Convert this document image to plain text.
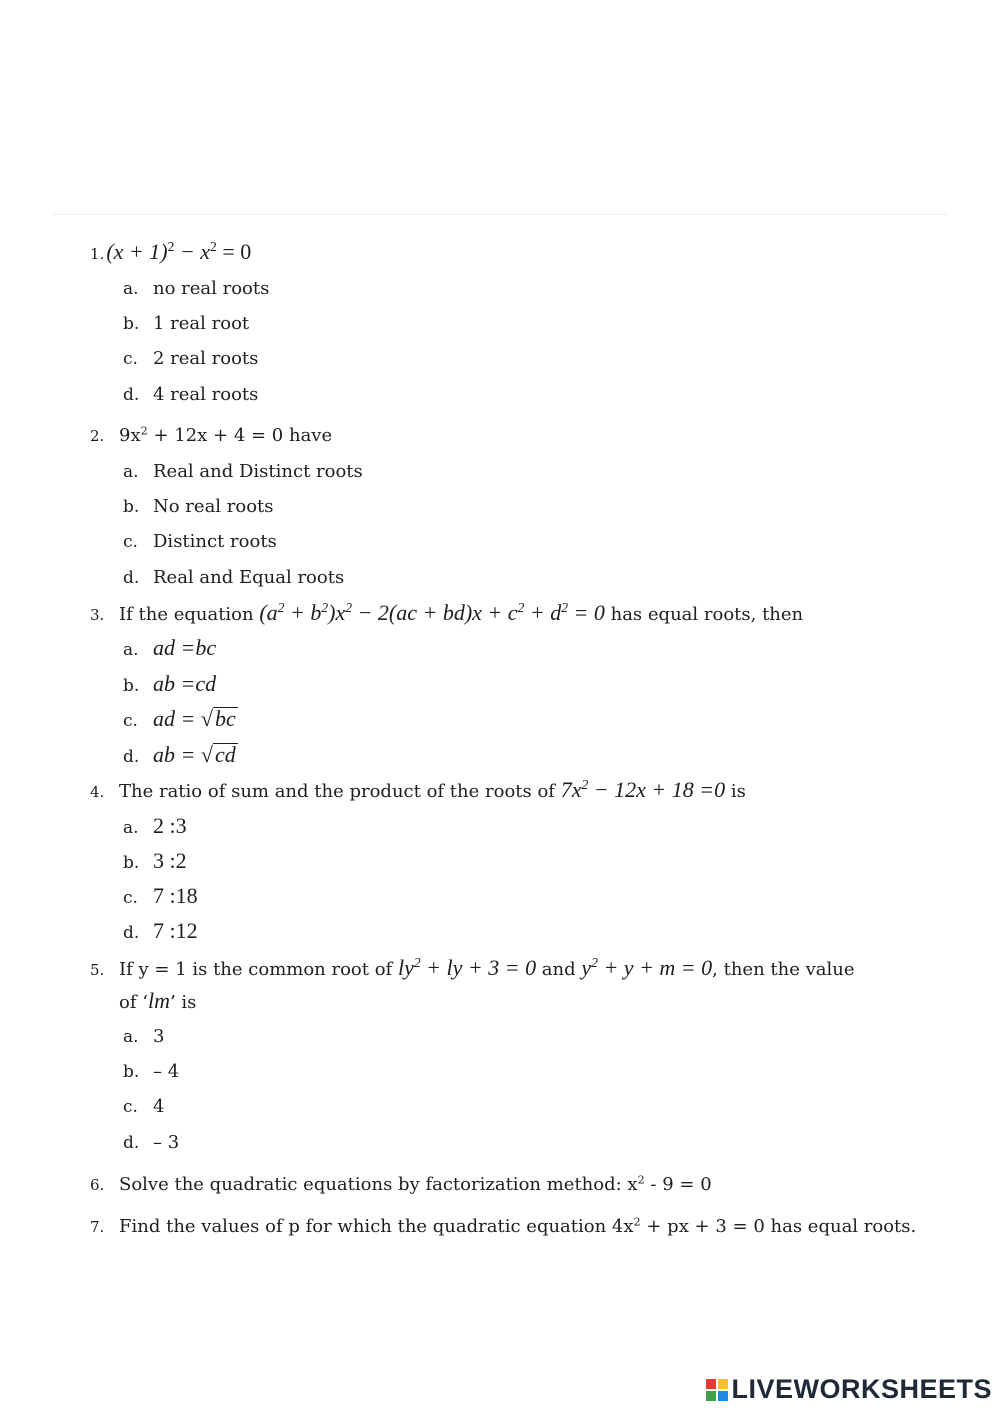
$1.(x + 1)^2 - x^2 = 0$
a. no real roots
b. 1 real root
c. 2 real roots
d. 4 real roots
2. $9x^2 + 12x + 4 = 0$ have
a. Real and Distinct roots
b. No real roots
c. Distinct roots
d. Real and Equal roots
3. If the equation $(a^2 + b^2)x^2 - 2(ac + bd)x + c^2 + d^2 = 0$ has equal roots, then
a. ad =bc
b. ab =cd
c. ad = √bc
d. ab = √cd
4. The ratio of sum and the product of the roots of $7x^2 - 12x + 18 =0$ is
a. 2 :3
b. 3 :2
c. 7 :18
d. 7 :12
5. If y = 1 is the common root of $ly^2$ + ly + 3 = 0 and $y^2 + y + m = 0$, then the value
of ‘lm’ is
a. 3
b. – 4
c. 4
d. – 3
6. Solve the quadratic equations by factorization method: $x^2 - 9 = 0$
7. Find the values of p for which the quadratic equation $4x^2$ + px + 3 = 0 has equal roots.
LIVEWORKSHEETS
